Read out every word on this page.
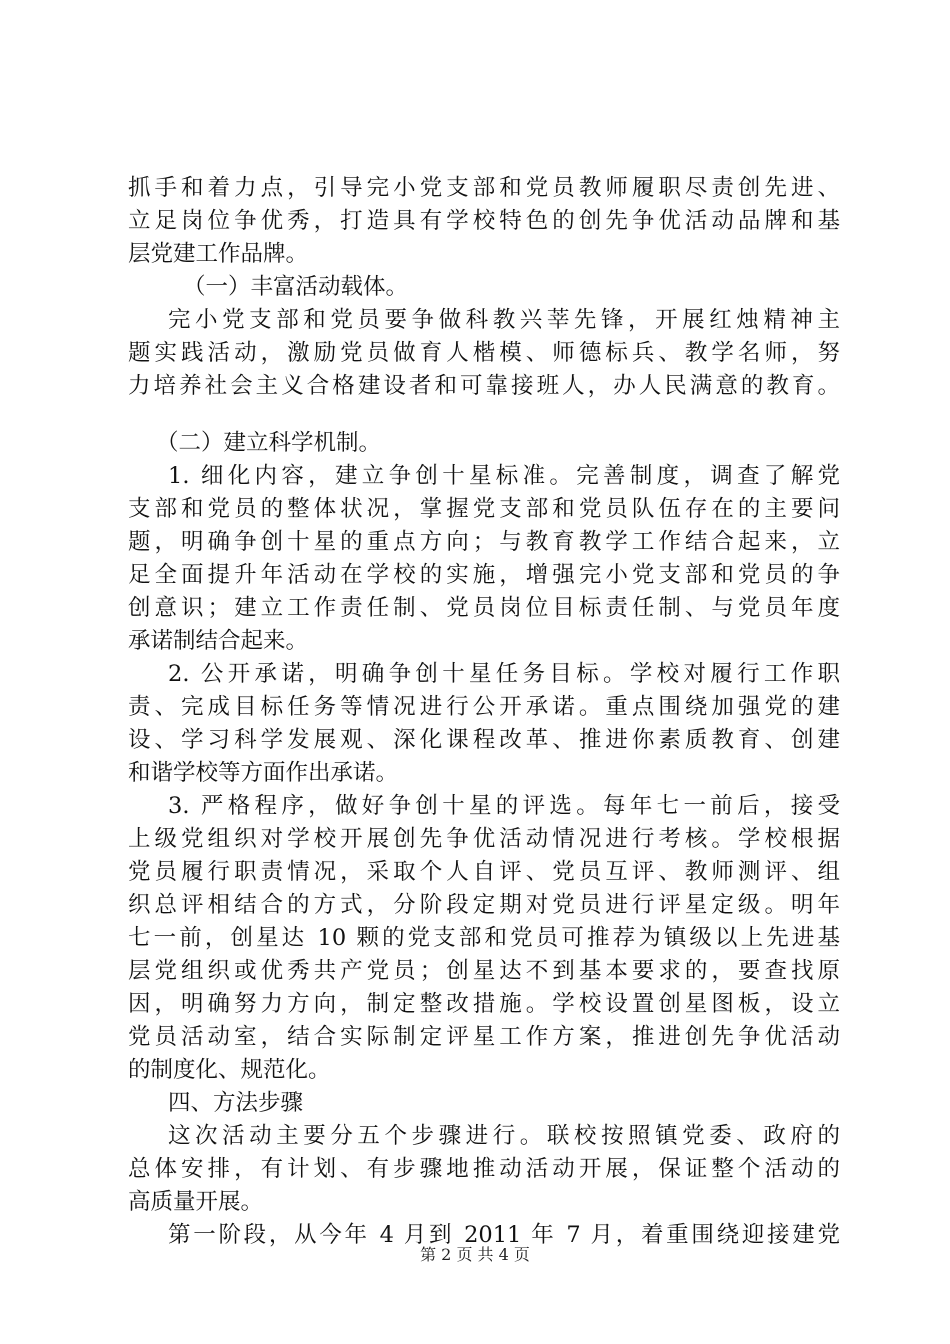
抓手和着力点，引导完小党支部和党员教师履职尽责创先进、
立足岗位争优秀，打造具有学校特色的创先争优活动品牌和基
层党建工作品牌。
（一）丰富活动载体。
完小党支部和党员要争做科教兴莘先锋，开展红烛精神主
题实践活动，激励党员做育人楷模、师德标兵、教学名师，努
力培养社会主义合格建设者和可靠接班人，办人民满意的教育。
（二）建立科学机制。
1. 细化内容，建立争创十星标准。完善制度，调查了解党
支部和党员的整体状况，掌握党支部和党员队伍存在的主要问
题，明确争创十星的重点方向；与教育教学工作结合起来，立
足全面提升年活动在学校的实施，增强完小党支部和党员的争
创意识；建立工作责任制、党员岗位目标责任制、与党员年度
承诺制结合起来。
2. 公开承诺，明确争创十星任务目标。学校对履行工作职
责、完成目标任务等情况进行公开承诺。重点围绕加强党的建
设、学习科学发展观、深化课程改革、推进你素质教育、创建
和谐学校等方面作出承诺。
3. 严格程序，做好争创十星的评选。每年七一前后，接受
上级党组织对学校开展创先争优活动情况进行考核。学校根据
党员履行职责情况，采取个人自评、党员互评、教师测评、组
织总评相结合的方式，分阶段定期对党员进行评星定级。明年
七一前，创星达 10 颗的党支部和党员可推荐为镇级以上先进基
层党组织或优秀共产党员；创星达不到基本要求的，要查找原
因，明确努力方向，制定整改措施。学校设置创星图板，设立
党员活动室，结合实际制定评星工作方案，推进创先争优活动
的制度化、规范化。
四、方法步骤
这次活动主要分五个步骤进行。联校按照镇党委、政府的
总体安排，有计划、有步骤地推动活动开展，保证整个活动的
高质量开展。
第一阶段，从今年 4 月到 2011 年 7 月，着重围绕迎接建党
第 2 页 共 4 页
